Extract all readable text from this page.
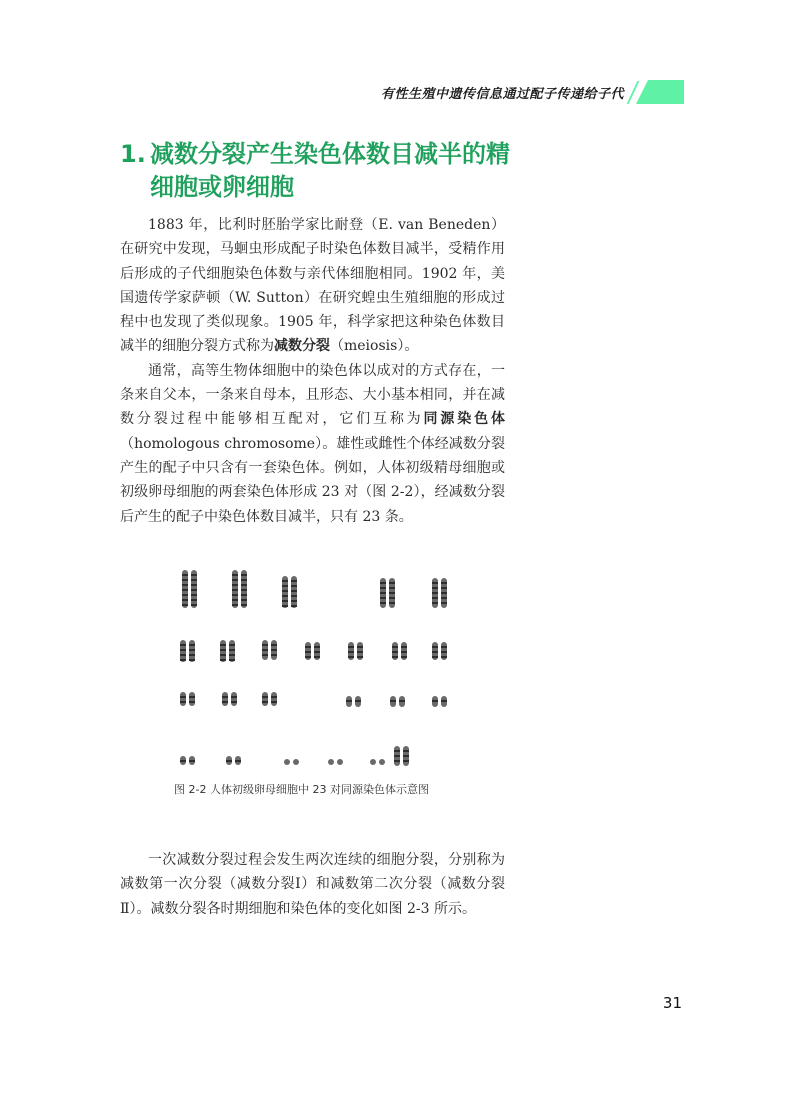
有性生殖中遗传信息通过配子传递给子代
1. 减数分裂产生染色体数目减半的精
细胞或卵细胞

1883 年，比利时胚胎学家比耐登（E. van Beneden）在研究中发现，马蛔虫形成配子时染色体数目减半，受精作用后形成的子代细胞染色体数与亲代体细胞相同。1902 年，美国遗传学家萨顿（W. Sutton）在研究蝗虫生殖细胞的形成过程中也发现了类似现象。1905 年，科学家把这种染色体数目减半的细胞分裂方式称为减数分裂（meiosis）。

通常，高等生物体细胞中的染色体以成对的方式存在，一条来自父本，一条来自母本，且形态、大小基本相同，并在减数分裂过程中能够相互配对，它们互称为同源染色体（homologous chromosome）。雄性或雌性个体经减数分裂产生的配子中只含有一套染色体。例如，人体初级精母细胞或初级卵母细胞的两套染色体形成 23 对（图 2-2），经减数分裂后产生的配子中染色体数目减半，只有 23 条。

图 2-2 人体初级卵母细胞中 23 对同源染色体示意图

一次减数分裂过程会发生两次连续的细胞分裂，分别称为减数第一次分裂（减数分裂Ⅰ）和减数第二次分裂（减数分裂Ⅱ）。减数分裂各时期细胞和染色体的变化如图 2-3 所示。

31
